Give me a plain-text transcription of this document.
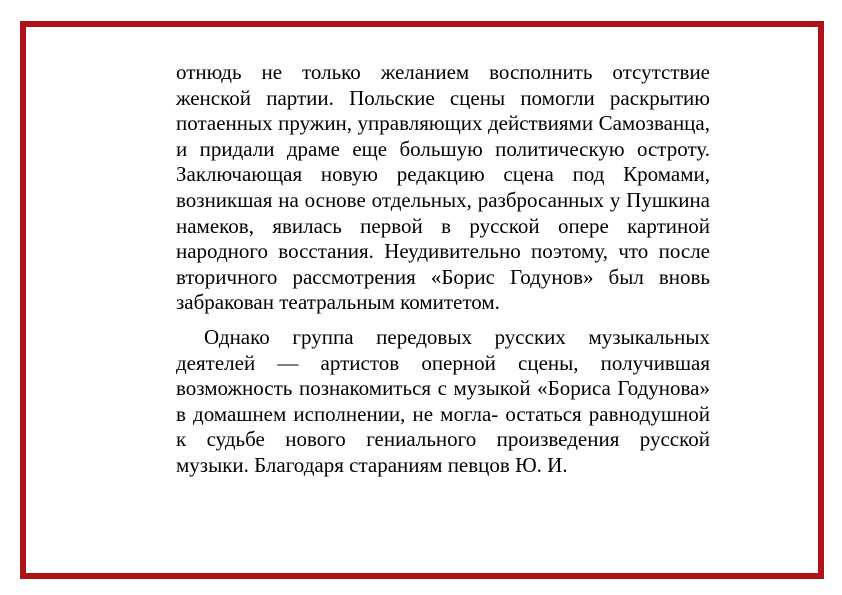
отнюдь не только желанием восполнить отсутствие женской партии. Польские сцены помогли раскрытию потаенных пружин, управляющих действиями Самозванца, и придали драме еще большую политическую остроту. Заключающая новую редакцию сцена под Кромами, возникшая на основе отдельных, разбросанных у Пушкина намеков, явилась первой в русской опере картиной народного восстания. Неудивительно поэтому, что после вторичного рассмотрения «Борис Годунов» был вновь забракован театральным комитетом.

Однако группа передовых русских музыкальных деятелей — артистов оперной сцены, получившая возможность познакомиться с музыкой «Бориса Годунова» в домашнем исполнении, не могла- остаться равнодушной к судьбе нового гениального произведения русской музыки. Благодаря стараниям певцов Ю. И.
